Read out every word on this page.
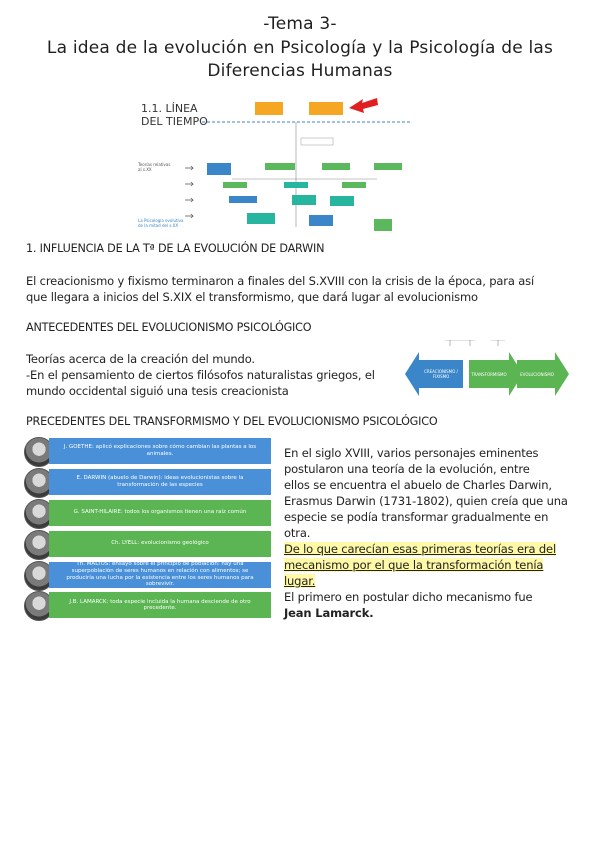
-Tema 3-
La idea de la evolución en Psicología y la Psicología de las
Diferencias Humanas
1.1. LÍNEA
DEL TIEMPO
Teorías relativas
al s.XX
La Psicología evolutiva
de la mitad del s.XX
1. INFLUENCIA DE LA Tª DE LA EVOLUCIÓN DE DARWIN
El creacionismo y fixismo terminaron a finales del S.XVIII con la crisis de la época, para así
que llegara a inicios del S.XIX el transformismo, que dará lugar al evolucionismo
ANTECEDENTES DEL EVOLUCIONISMO PSICOLÓGICO
Teorías acerca de la creación del mundo.
-En el pensamiento de ciertos filósofos naturalistas griegos, el
mundo occidental siguió una tesis creacionista
CREACIONISMO / FIXISMO	TRANSFORMISMO	EVOLUCIONISMO
PRECEDENTES DEL TRANSFORMISMO Y DEL EVOLUCIONISMO PSICOLÓGICO
J. GOETHE: aplicó explicaciones sobre cómo cambian las plantas a los animales.
E. DARWIN (abuelo de Darwin): ideas evolucionistas sobre la transformación de las especies
G. SAINT-HILAIRE: todos los organismos tienen una raíz común
Ch. LYELL: evolucionismo geológico
Th. MALTUS: ensayo sobre el principio de población: hay una superpoblación de seres humanos en relación con alimentos; se produciría una lucha por la existencia entre los seres humanos para sobrevivir.
J.B. LAMARCK: toda especie incluida la humana desciende de otro precedente.
En el siglo XVIII, varios personajes eminentes
postularon una teoría de la evolución, entre
ellos se encuentra el abuelo de Charles Darwin,
Erasmus Darwin (1731-1802), quien creía que una
especie se podía transformar gradualmente en
otra.
De lo que carecían esas primeras teorías era del
mecanismo por el que la transformación tenía
lugar.
El primero en postular dicho mecanismo fue
Jean Lamarck.
